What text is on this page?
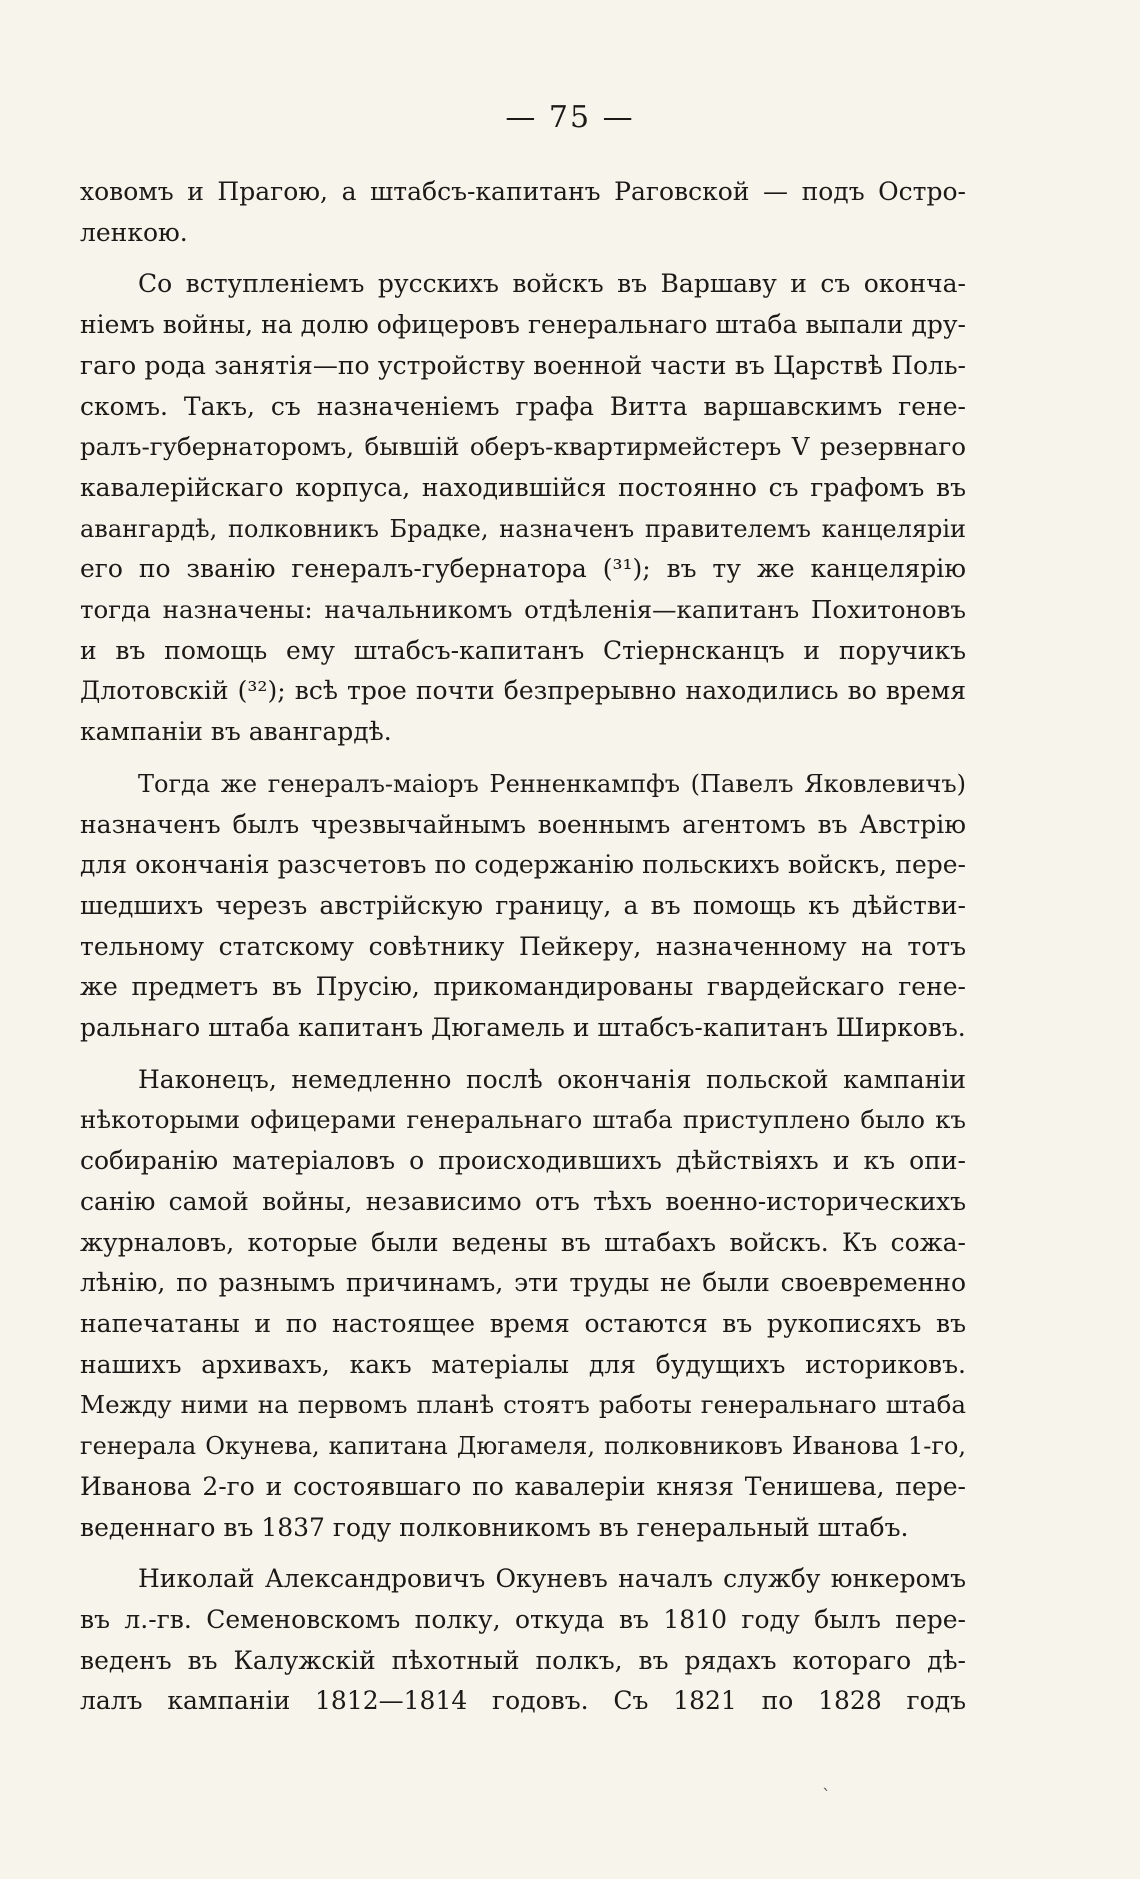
— 75 —

ховомъ и Прагою, а штабсъ-капитанъ Раговской — подъ Остро-

ленкою.

Со вступленіемъ русскихъ войскъ въ Варшаву и съ оконча-

ніемъ войны, на долю офицеровъ генеральнаго штаба выпали дру-

гаго рода занятія—по устройству военной части въ Царствѣ Поль-

скомъ. Такъ, съ назначеніемъ графа Витта варшавскимъ гене-

ралъ-губернаторомъ, бывшій оберъ-квартирмейстеръ V резервнаго

кавалерійскаго корпуса, находившійся постоянно съ графомъ въ

авангардѣ, полковникъ Брадке, назначенъ правителемъ канцеляріи

его по званію генералъ-губернатора (³¹); въ ту же канцелярію

тогда назначены: начальникомъ отдѣленія—капитанъ Похитоновъ

и въ помощь ему штабсъ-капитанъ Стіернсканцъ и поручикъ

Длотовскій (³²); всѣ трое почти безпрерывно находились во время

кампаніи въ авангардѣ.

Тогда же генералъ-маіоръ Ренненкампфъ (Павелъ Яковлевичъ)

назначенъ былъ чрезвычайнымъ военнымъ агентомъ въ Австрію

для окончанія разсчетовъ по содержанію польскихъ войскъ, пере-

шедшихъ черезъ австрійскую границу, а въ помощь къ дѣйстви-

тельному статскому совѣтнику Пейкеру, назначенному на тотъ

же предметъ въ Прусію, прикомандированы гвардейскаго гене-

ральнаго штаба капитанъ Дюгамель и штабсъ-капитанъ Ширковъ.

Наконецъ, немедленно послѣ окончанія польской кампаніи

нѣкоторыми офицерами генеральнаго штаба приступлено было къ

собиранію матеріаловъ о происходившихъ дѣйствіяхъ и къ опи-

санію самой войны, независимо отъ тѣхъ военно-историческихъ

журналовъ, которые были ведены въ штабахъ войскъ. Къ сожа-

лѣнію, по разнымъ причинамъ, эти труды не были своевременно

напечатаны и по настоящее время остаются въ рукописяхъ въ

нашихъ архивахъ, какъ матеріалы для будущихъ историковъ.

Между ними на первомъ планѣ стоятъ работы генеральнаго штаба

генерала Окунева, капитана Дюгамеля, полковниковъ Иванова 1-го,

Иванова 2-го и состоявшаго по кавалеріи князя Тенишева, пере-

веденнаго въ 1837 году полковникомъ въ генеральный штабъ.

Николай Александровичъ Окуневъ началъ службу юнкеромъ

въ л.-гв. Семеновскомъ полку, откуда въ 1810 году былъ пере-

веденъ въ Калужскій пѣхотный полкъ, въ рядахъ котораго дѣ-

лалъ кампаніи 1812—1814 годовъ. Съ 1821 по 1828 годъ

ˋ
